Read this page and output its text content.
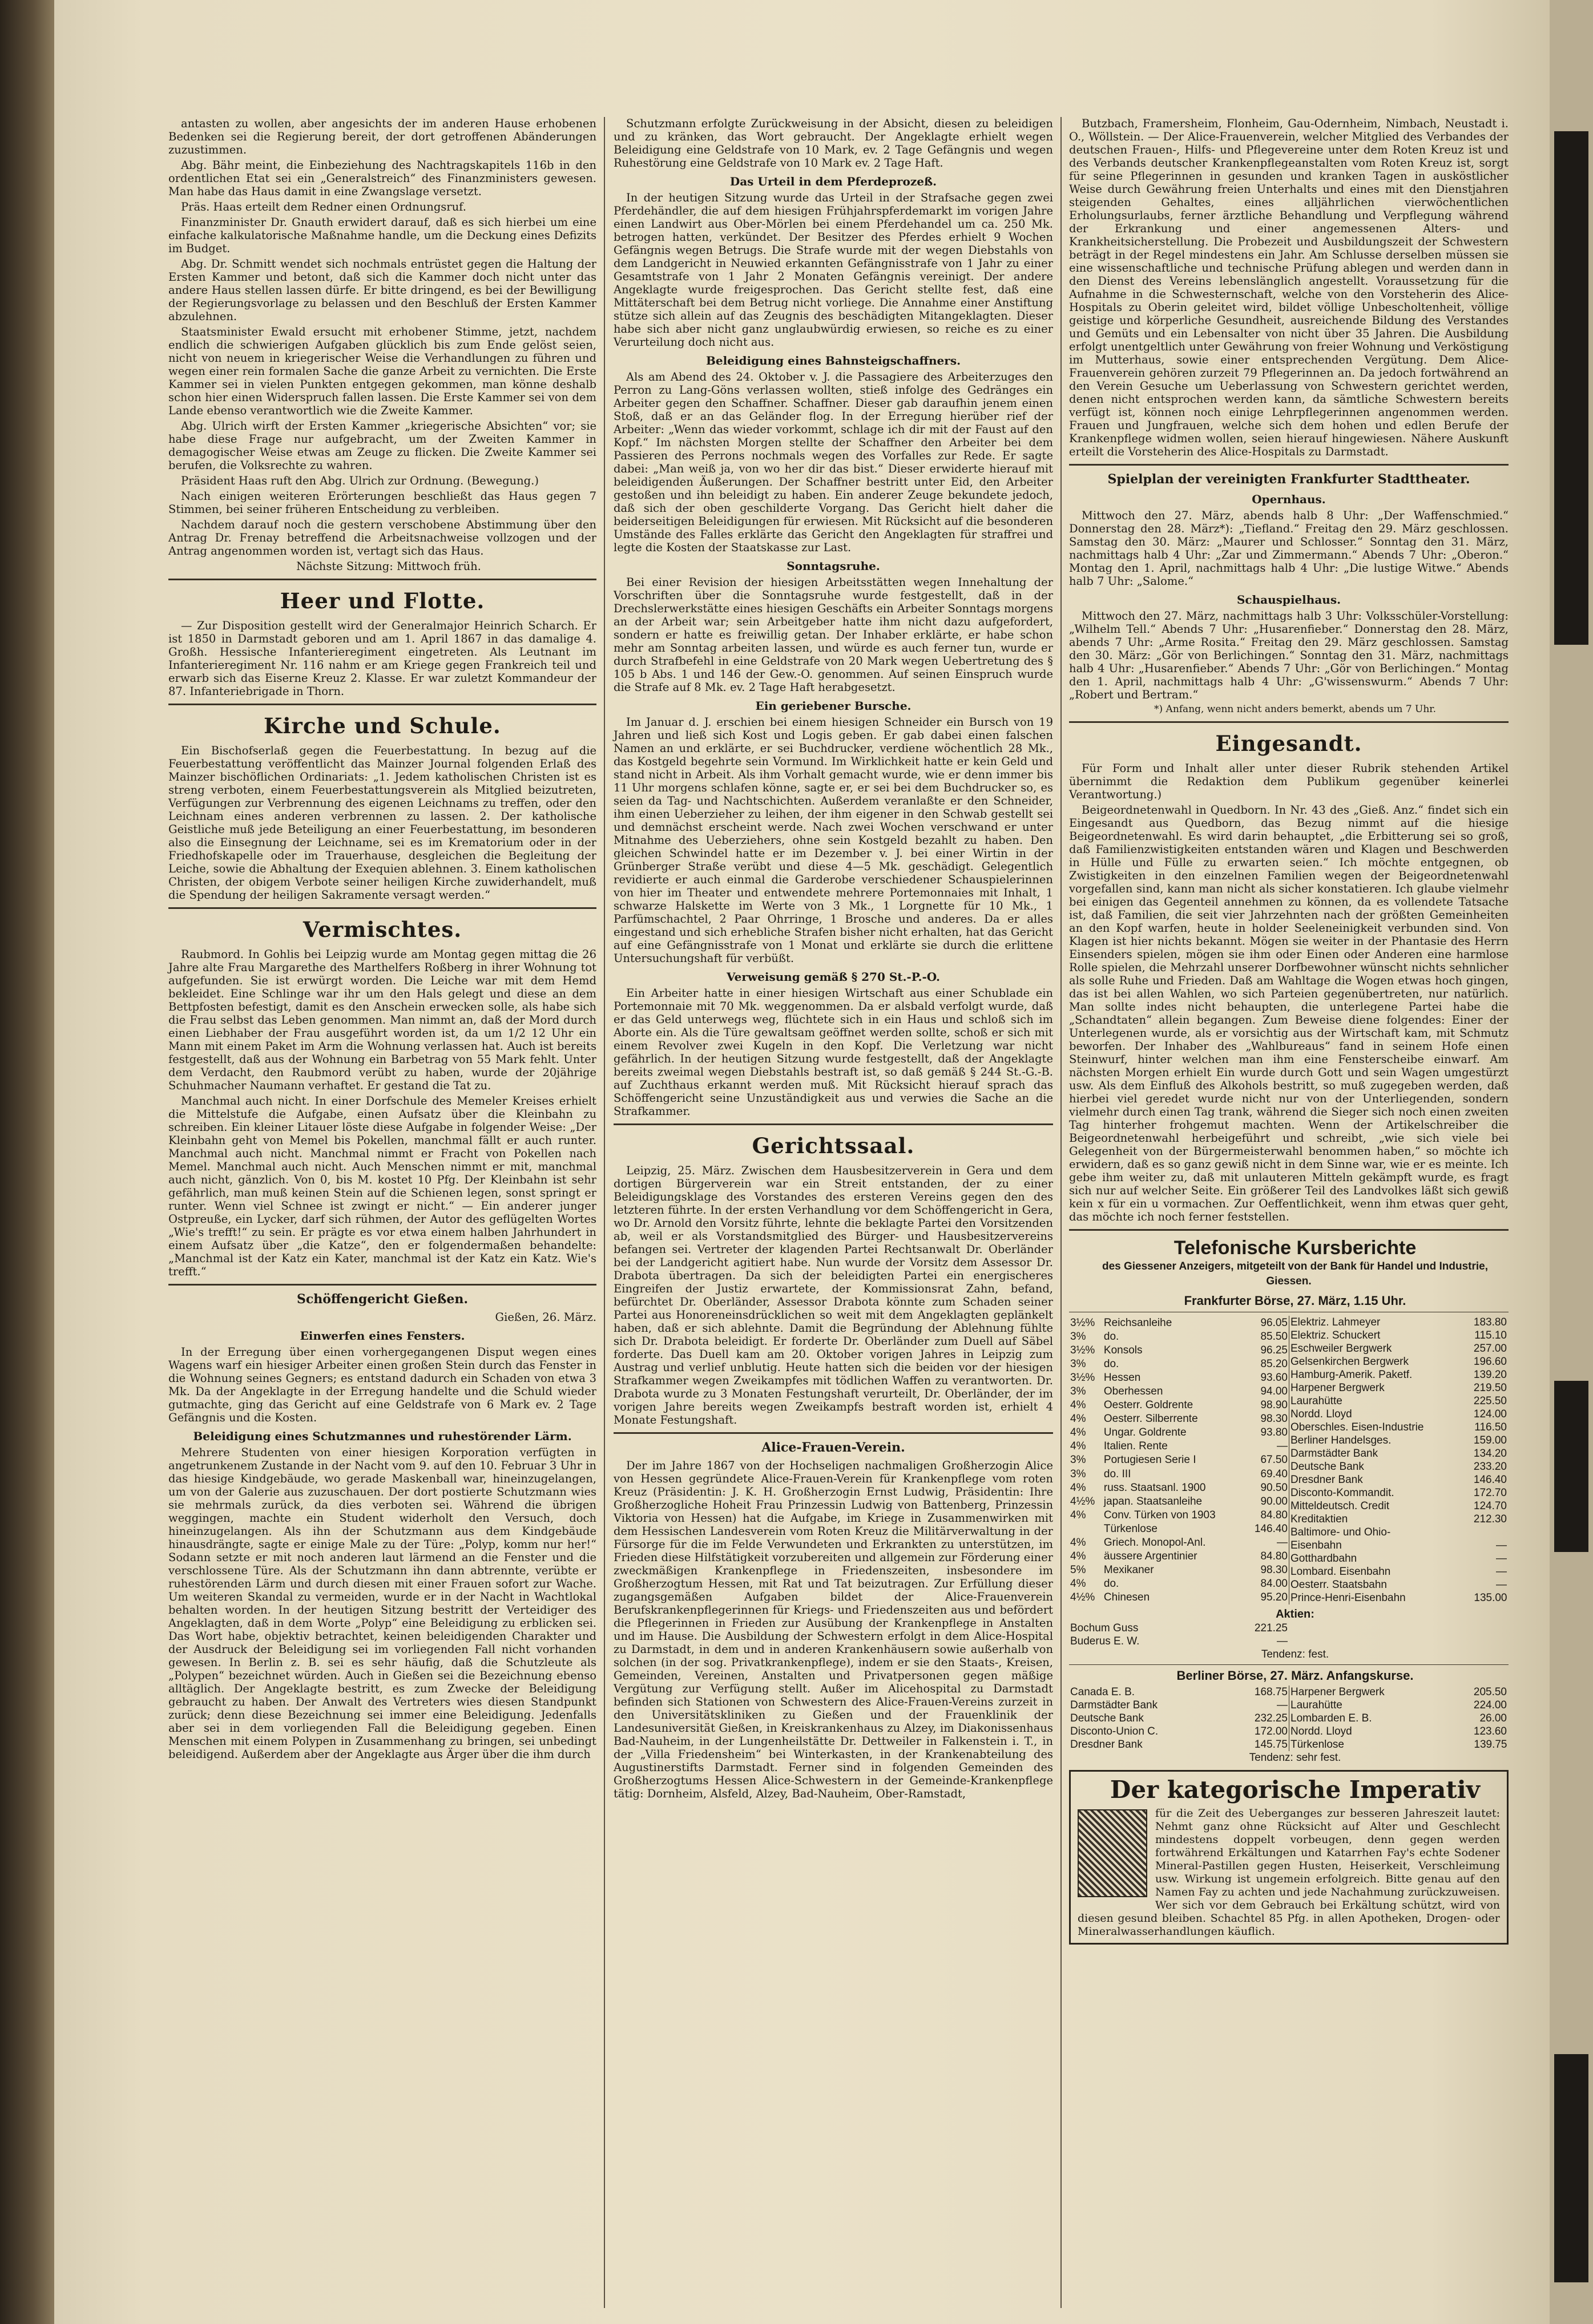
antasten zu wollen, aber angesichts der im anderen Hause erhobenen Bedenken sei die Regierung bereit, der dort getroffenen Abänderungen zuzustimmen.

Abg. Bähr meint, die Einbeziehung des Nachtragskapitels 116b in den ordentlichen Etat sei ein „Generalstreich“ des Finanzministers gewesen. Man habe das Haus damit in eine Zwangslage versetzt.

Präs. Haas erteilt dem Redner einen Ordnungsruf.

Finanzminister Dr. Gnauth erwidert darauf, daß es sich hierbei um eine einfache kalkulatorische Maßnahme handle, um die Deckung eines Defizits im Budget.

Abg. Dr. Schmitt wendet sich nochmals entrüstet gegen die Haltung der Ersten Kammer und betont, daß sich die Kammer doch nicht unter das andere Haus stellen lassen dürfe. Er bitte dringend, es bei der Bewilligung der Regierungsvorlage zu belassen und den Beschluß der Ersten Kammer abzulehnen.

Staatsminister Ewald ersucht mit erhobener Stimme, jetzt, nachdem endlich die schwierigen Aufgaben glücklich bis zum Ende gelöst seien, nicht von neuem in kriegerischer Weise die Verhandlungen zu führen und wegen einer rein formalen Sache die ganze Arbeit zu vernichten. Die Erste Kammer sei in vielen Punkten entgegen gekommen, man könne deshalb schon hier einen Widerspruch fallen lassen. Die Erste Kammer sei von dem Lande ebenso verantwortlich wie die Zweite Kammer.

Abg. Ulrich wirft der Ersten Kammer „kriegerische Absichten“ vor; sie habe diese Frage nur aufgebracht, um der Zweiten Kammer in demagogischer Weise etwas am Zeuge zu flicken. Die Zweite Kammer sei berufen, die Volksrechte zu wahren.

Präsident Haas ruft den Abg. Ulrich zur Ordnung. (Bewegung.)

Nach einigen weiteren Erörterungen beschließt das Haus gegen 7 Stimmen, bei seiner früheren Entscheidung zu verbleiben.

Nachdem darauf noch die gestern verschobene Abstimmung über den Antrag Dr. Frenay betreffend die Arbeitsnachweise vollzogen und der Antrag angenommen worden ist, vertagt sich das Haus.

Nächste Sitzung: Mittwoch früh.

Heer und Flotte.

— Zur Disposition gestellt wird der Generalmajor Heinrich Scharch. Er ist 1850 in Darmstadt geboren und am 1. April 1867 in das damalige 4. Großh. Hessische Infanterieregiment eingetreten. Als Leutnant im Infanterieregiment Nr. 116 nahm er am Kriege gegen Frankreich teil und erwarb sich das Eiserne Kreuz 2. Klasse. Er war zuletzt Kommandeur der 87. Infanteriebrigade in Thorn.

Kirche und Schule.

Ein Bischofserlaß gegen die Feuerbestattung. In bezug auf die Feuerbestattung veröffentlicht das Mainzer Journal folgenden Erlaß des Mainzer bischöflichen Ordinariats: „1. Jedem katholischen Christen ist es streng verboten, einem Feuerbestattungsverein als Mitglied beizutreten, Verfügungen zur Verbrennung des eigenen Leichnams zu treffen, oder den Leichnam eines anderen verbrennen zu lassen. 2. Der katholische Geistliche muß jede Beteiligung an einer Feuerbestattung, im besonderen also die Einsegnung der Leichname, sei es im Krematorium oder in der Friedhofskapelle oder im Trauerhause, desgleichen die Begleitung der Leiche, sowie die Abhaltung der Exequien ablehnen. 3. Einem katholischen Christen, der obigem Verbote seiner heiligen Kirche zuwiderhandelt, muß die Spendung der heiligen Sakramente versagt werden.“

Vermischtes.

Raubmord. In Gohlis bei Leipzig wurde am Montag gegen mittag die 26 Jahre alte Frau Margarethe des Marthelfers Roßberg in ihrer Wohnung tot aufgefunden. Sie ist erwürgt worden. Die Leiche war mit dem Hemd bekleidet. Eine Schlinge war ihr um den Hals gelegt und diese an dem Bettpfosten befestigt, damit es den Anschein erwecken solle, als habe sich die Frau selbst das Leben genommen. Man nimmt an, daß der Mord durch einen Liebhaber der Frau ausgeführt worden ist, da um 1/2 12 Uhr ein Mann mit einem Paket im Arm die Wohnung verlassen hat. Auch ist bereits festgestellt, daß aus der Wohnung ein Barbetrag von 55 Mark fehlt. Unter dem Verdacht, den Raubmord verübt zu haben, wurde der 20jährige Schuhmacher Naumann verhaftet. Er gestand die Tat zu.

Manchmal auch nicht. In einer Dorfschule des Memeler Kreises erhielt die Mittelstufe die Aufgabe, einen Aufsatz über die Kleinbahn zu schreiben. Ein kleiner Litauer löste diese Aufgabe in folgender Weise: „Der Kleinbahn geht von Memel bis Pokellen, manchmal fällt er auch runter. Manchmal auch nicht. Manchmal nimmt er Fracht von Pokellen nach Memel. Manchmal auch nicht. Auch Menschen nimmt er mit, manchmal auch nicht, gänzlich. Von 0, bis M. kostet 10 Pfg. Der Kleinbahn ist sehr gefährlich, man muß keinen Stein auf die Schienen legen, sonst springt er runter. Wenn viel Schnee ist zwingt er nicht.“ — Ein anderer junger Ostpreuße, ein Lycker, darf sich rühmen, der Autor des geflügelten Wortes „Wie's trefft!“ zu sein. Er prägte es vor etwa einem halben Jahrhundert in einem Aufsatz über „die Katze“, den er folgendermaßen behandelte: „Manchmal ist der Katz ein Kater, manchmal ist der Katz ein Katz. Wie's trefft.“

Schöffengericht Gießen.

Gießen, 26. März.

Einwerfen eines Fensters.

In der Erregung über einen vorhergegangenen Disput wegen eines Wagens warf ein hiesiger Arbeiter einen großen Stein durch das Fenster in die Wohnung seines Gegners; es entstand dadurch ein Schaden von etwa 3 Mk. Da der Angeklagte in der Erregung handelte und die Schuld wieder gutmachte, ging das Gericht auf eine Geldstrafe von 6 Mark ev. 2 Tage Gefängnis und die Kosten.

Beleidigung eines Schutzmannes und ruhestörender Lärm.

Mehrere Studenten von einer hiesigen Korporation verfügten in angetrunkenem Zustande in der Nacht vom 9. auf den 10. Februar 3 Uhr in das hiesige Kindgebäude, wo gerade Maskenball war, hineinzugelangen, um von der Galerie aus zuzuschauen. Der dort postierte Schutzmann wies sie mehrmals zurück, da dies verboten sei. Während die übrigen weggingen, machte ein Student widerholt den Versuch, doch hineinzugelangen. Als ihn der Schutzmann aus dem Kindgebäude hinausdrängte, sagte er einige Male zu der Türe: „Polyp, komm nur her!“ Sodann setzte er mit noch anderen laut lärmend an die Fenster und die verschlossene Türe. Als der Schutzmann ihn dann abtrennte, verübte er ruhestörenden Lärm und durch diesen mit einer Frauen sofort zur Wache. Um weiteren Skandal zu vermeiden, wurde er in der Nacht in Wachtlokal behalten worden. In der heutigen Sitzung bestritt der Verteidiger des Angeklagten, daß in dem Worte „Polyp“ eine Beleidigung zu erblicken sei. Das Wort habe, objektiv betrachtet, keinen beleidigenden Charakter und der Ausdruck der Beleidigung sei im vorliegenden Fall nicht vorhanden gewesen. In Berlin z. B. sei es sehr häufig, daß die Schutzleute als „Polypen“ bezeichnet würden. Auch in Gießen sei die Bezeichnung ebenso alltäglich. Der Angeklagte bestritt, es zum Zwecke der Beleidigung gebraucht zu haben. Der Anwalt des Vertreters wies diesen Standpunkt zurück; denn diese Bezeichnung sei immer eine Beleidigung. Jedenfalls aber sei in dem vorliegenden Fall die Beleidigung gegeben. Einen Menschen mit einem Polypen in Zusammenhang zu bringen, sei unbedingt beleidigend. Außerdem aber der Angeklagte aus Ärger über die ihm durch

Schutzmann erfolgte Zurückweisung in der Absicht, diesen zu beleidigen und zu kränken, das Wort gebraucht. Der Angeklagte erhielt wegen Beleidigung eine Geldstrafe von 10 Mark, ev. 2 Tage Gefängnis und wegen Ruhestörung eine Geldstrafe von 10 Mark ev. 2 Tage Haft.

Das Urteil in dem Pferdeprozeß.

In der heutigen Sitzung wurde das Urteil in der Strafsache gegen zwei Pferdehändler, die auf dem hiesigen Frühjahrspferdemarkt im vorigen Jahre einen Landwirt aus Ober-Mörlen bei einem Pferdehandel um ca. 250 Mk. betrogen hatten, verkündet. Der Besitzer des Pferdes erhielt 9 Wochen Gefängnis wegen Betrugs. Die Strafe wurde mit der wegen Diebstahls von dem Landgericht in Neuwied erkannten Gefängnisstrafe von 1 Jahr zu einer Gesamtstrafe von 1 Jahr 2 Monaten Gefängnis vereinigt. Der andere Angeklagte wurde freigesprochen. Das Gericht stellte fest, daß eine Mittäterschaft bei dem Betrug nicht vorliege. Die Annahme einer Anstiftung stütze sich allein auf das Zeugnis des beschädigten Mitangeklagten. Dieser habe sich aber nicht ganz unglaubwürdig erwiesen, so reiche es zu einer Verurteilung doch nicht aus.

Beleidigung eines Bahnsteigschaffners.

Als am Abend des 24. Oktober v. J. die Passagiere des Arbeiterzuges den Perron zu Lang-Göns verlassen wollten, stieß infolge des Gedränges ein Arbeiter gegen den Schaffner. Schaffner. Dieser gab daraufhin jenem einen Stoß, daß er an das Geländer flog. In der Erregung hierüber rief der Arbeiter: „Wenn das wieder vorkommt, schlage ich dir mit der Faust auf den Kopf.“ Im nächsten Morgen stellte der Schaffner den Arbeiter bei dem Passieren des Perrons nochmals wegen des Vorfalles zur Rede. Er sagte dabei: „Man weiß ja, von wo her dir das bist.“ Dieser erwiderte hierauf mit beleidigenden Äußerungen. Der Schaffner bestritt unter Eid, den Arbeiter gestoßen und ihn beleidigt zu haben. Ein anderer Zeuge bekundete jedoch, daß sich der oben geschilderte Vorgang. Das Gericht hielt daher die beiderseitigen Beleidigungen für erwiesen. Mit Rücksicht auf die besonderen Umstände des Falles erklärte das Gericht den Angeklagten für straffrei und legte die Kosten der Staatskasse zur Last.

Sonntagsruhe.

Bei einer Revision der hiesigen Arbeitsstätten wegen Innehaltung der Vorschriften über die Sonntagsruhe wurde festgestellt, daß in der Drechslerwerkstätte eines hiesigen Geschäfts ein Arbeiter Sonntags morgens an der Arbeit war; sein Arbeitgeber hatte ihm nicht dazu aufgefordert, sondern er hatte es freiwillig getan. Der Inhaber erklärte, er habe schon mehr am Sonntag arbeiten lassen, und würde es auch ferner tun, wurde er durch Strafbefehl in eine Geldstrafe von 20 Mark wegen Uebertretung des § 105 b Abs. 1 und 146 der Gew.-O. genommen. Auf seinen Einspruch wurde die Strafe auf 8 Mk. ev. 2 Tage Haft herabgesetzt.

Ein geriebener Bursche.

Im Januar d. J. erschien bei einem hiesigen Schneider ein Bursch von 19 Jahren und ließ sich Kost und Logis geben. Er gab dabei einen falschen Namen an und erklärte, er sei Buchdrucker, verdiene wöchentlich 28 Mk., das Kostgeld begehrte sein Vormund. Im Wirklichkeit hatte er kein Geld und stand nicht in Arbeit. Als ihm Vorhalt gemacht wurde, wie er denn immer bis 11 Uhr morgens schlafen könne, sagte er, er sei bei dem Buchdrucker so, es seien da Tag- und Nachtschichten. Außerdem veranlaßte er den Schneider, ihm einen Ueberzieher zu leihen, der ihm eigener in den Schwab gestellt sei und demnächst erscheint werde. Nach zwei Wochen verschwand er unter Mitnahme des Ueberziehers, ohne sein Kostgeld bezahlt zu haben. Den gleichen Schwindel hatte er im Dezember v. J. bei einer Wirtin in der Grünberger Straße verübt und diese 4—5 Mk. geschädigt. Gelegentlich revidierte er auch einmal die Garderobe verschiedener Schauspielerinnen von hier im Theater und entwendete mehrere Portemonnaies mit Inhalt, 1 schwarze Halskette im Werte von 3 Mk., 1 Lorgnette für 10 Mk., 1 Parfümschachtel, 2 Paar Ohrringe, 1 Brosche und anderes. Da er alles eingestand und sich erhebliche Strafen bisher nicht erhalten, hat das Gericht auf eine Gefängnisstrafe von 1 Monat und erklärte sie durch die erlittene Untersuchungshaft für verbüßt.

Verweisung gemäß § 270 St.-P.-O.

Ein Arbeiter hatte in einer hiesigen Wirtschaft aus einer Schublade ein Portemonnaie mit 70 Mk. weggenommen. Da er alsbald verfolgt wurde, daß er das Geld unterwegs weg, flüchtete sich in ein Haus und schloß sich im Aborte ein. Als die Türe gewaltsam geöffnet werden sollte, schoß er sich mit einem Revolver zwei Kugeln in den Kopf. Die Verletzung war nicht gefährlich. In der heutigen Sitzung wurde festgestellt, daß der Angeklagte bereits zweimal wegen Diebstahls bestraft ist, so daß gemäß § 244 St.-G.-B. auf Zuchthaus erkannt werden muß. Mit Rücksicht hierauf sprach das Schöffengericht seine Unzuständigkeit aus und verwies die Sache an die Strafkammer.

Gerichtssaal.

Leipzig, 25. März. Zwischen dem Hausbesitzerverein in Gera und dem dortigen Bürgerverein war ein Streit entstanden, der zu einer Beleidigungsklage des Vorstandes des ersteren Vereins gegen den des letzteren führte. In der ersten Verhandlung vor dem Schöffengericht in Gera, wo Dr. Arnold den Vorsitz führte, lehnte die beklagte Partei den Vorsitzenden ab, weil er als Vorstandsmitglied des Bürger- und Hausbesitzervereins befangen sei. Vertreter der klagenden Partei Rechtsanwalt Dr. Oberländer bei der Landgericht agitiert habe. Nun wurde der Vorsitz dem Assessor Dr. Drabota übertragen. Da sich der beleidigten Partei ein energischeres Eingreifen der Justiz erwartete, der Kommissionsrat Zahn, befand, befürchtet Dr. Oberländer, Assessor Drabota könnte zum Schaden seiner Partei aus Honoreneinsdrücklichen so weit mit dem Angeklagten geplänkelt haben, daß er sich ablehnte. Damit die Begründung der Ablehnung fühlte sich Dr. Drabota beleidigt. Er forderte Dr. Oberländer zum Duell auf Säbel forderte. Das Duell kam am 20. Oktober vorigen Jahres in Leipzig zum Austrag und verlief unblutig. Heute hatten sich die beiden vor der hiesigen Strafkammer wegen Zweikampfes mit tödlichen Waffen zu verantworten. Dr. Drabota wurde zu 3 Monaten Festungshaft verurteilt, Dr. Oberländer, der im vorigen Jahre bereits wegen Zweikampfs bestraft worden ist, erhielt 4 Monate Festungshaft.

Alice-Frauen-Verein.

Der im Jahre 1867 von der Hochseligen nachmaligen Großherzogin Alice von Hessen gegründete Alice-Frauen-Verein für Krankenpflege vom roten Kreuz (Präsidentin: J. K. H. Großherzogin Ernst Ludwig, Präsidentin: Ihre Großherzogliche Hoheit Frau Prinzessin Ludwig von Battenberg, Prinzessin Viktoria von Hessen) hat die Aufgabe, im Kriege in Zusammenwirken mit dem Hessischen Landesverein vom Roten Kreuz die Militärverwaltung in der Fürsorge für die im Felde Verwundeten und Erkrankten zu unterstützen, im Frieden diese Hilfstätigkeit vorzubereiten und allgemein zur Förderung einer zweckmäßigen Krankenpflege in Friedenszeiten, insbesondere im Großherzogtum Hessen, mit Rat und Tat beizutragen. Zur Erfüllung dieser zugangsgemäßen Aufgaben bildet der Alice-Frauenverein Berufskrankenpflegerinnen für Kriegs- und Friedenszeiten aus und befördert die Pflegerinnen in Frieden zur Ausübung der Krankenpflege in Anstalten und im Hause. Die Ausbildung der Schwestern erfolgt in dem Alice-Hospital zu Darmstadt, in dem und in anderen Krankenhäusern sowie außerhalb von solchen (in der sog. Privatkrankenpflege), indem er sie den Staats-, Kreisen, Gemeinden, Vereinen, Anstalten und Privatpersonen gegen mäßige Vergütung zur Verfügung stellt. Außer im Alicehospital zu Darmstadt befinden sich Stationen von Schwestern des Alice-Frauen-Vereins zurzeit in den Universitätskliniken zu Gießen und der Frauenklinik der Landesuniversität Gießen, in Kreiskrankenhaus zu Alzey, im Diakonissenhaus Bad-Nauheim, in der Lungenheilstätte Dr. Dettweiler in Falkenstein i. T., in der „Villa Friedensheim“ bei Winterkasten, in der Krankenabteilung des Augustinerstifts Darmstadt. Ferner sind in folgenden Gemeinden des Großherzogtums Hessen Alice-Schwestern in der Gemeinde-Krankenpflege tätig: Dornheim, Alsfeld, Alzey, Bad-Nauheim, Ober-Ramstadt,

Butzbach, Framersheim, Flonheim, Gau-Odernheim, Nimbach, Neustadt i. O., Wöllstein. — Der Alice-Frauenverein, welcher Mitglied des Verbandes der deutschen Frauen-, Hilfs- und Pflegevereine unter dem Roten Kreuz ist und des Verbands deutscher Krankenpflegeanstalten vom Roten Kreuz ist, sorgt für seine Pflegerinnen in gesunden und kranken Tagen in ausköstlicher Weise durch Gewährung freien Unterhalts und eines mit den Dienstjahren steigenden Gehaltes, eines alljährlichen vierwöchentlichen Erholungsurlaubs, ferner ärztliche Behandlung und Verpflegung während der Erkrankung und einer angemessenen Alters- und Krankheitsicherstellung. Die Probezeit und Ausbildungszeit der Schwestern beträgt in der Regel mindestens ein Jahr. Am Schlusse derselben müssen sie eine wissenschaftliche und technische Prüfung ablegen und werden dann in den Dienst des Vereins lebenslänglich angestellt. Voraussetzung für die Aufnahme in die Schwesternschaft, welche von den Vorsteherin des Alice-Hospitals zu Oberin geleitet wird, bildet völlige Unbescholtenheit, völlige geistige und körperliche Gesundheit, ausreichende Bildung des Verstandes und Gemüts und ein Lebensalter von nicht über 35 Jahren. Die Ausbildung erfolgt unentgeltlich unter Gewährung von freier Wohnung und Verköstigung im Mutterhaus, sowie einer entsprechenden Vergütung. Dem Alice-Frauenverein gehören zurzeit 79 Pflegerinnen an. Da jedoch fortwährend an den Verein Gesuche um Ueberlassung von Schwestern gerichtet werden, denen nicht entsprochen werden kann, da sämtliche Schwestern bereits verfügt ist, können noch einige Lehrpflegerinnen angenommen werden. Frauen und Jungfrauen, welche sich dem hohen und edlen Berufe der Krankenpflege widmen wollen, seien hierauf hingewiesen. Nähere Auskunft erteilt die Vorsteherin des Alice-Hospitals zu Darmstadt.

Spielplan der vereinigten Frankfurter Stadttheater.
Opernhaus.

Mittwoch den 27. März, abends halb 8 Uhr: „Der Waffenschmied.“ Donnerstag den 28. März*): „Tiefland.“ Freitag den 29. März geschlossen. Samstag den 30. März: „Maurer und Schlosser.“ Sonntag den 31. März, nachmittags halb 4 Uhr: „Zar und Zimmermann.“ Abends 7 Uhr: „Oberon.“ Montag den 1. April, nachmittags halb 4 Uhr: „Die lustige Witwe.“ Abends halb 7 Uhr: „Salome.“

Schauspielhaus.

Mittwoch den 27. März, nachmittags halb 3 Uhr: Volksschüler-Vorstellung: „Wilhelm Tell.“ Abends 7 Uhr: „Husarenfieber.“ Donnerstag den 28. März, abends 7 Uhr: „Arme Rosita.“ Freitag den 29. März geschlossen. Samstag den 30. März: „Gör von Berlichingen.“ Sonntag den 31. März, nachmittags halb 4 Uhr: „Husarenfieber.“ Abends 7 Uhr: „Gör von Berlichingen.“ Montag den 1. April, nachmittags halb 4 Uhr: „G'wissenswurm.“ Abends 7 Uhr: „Robert und Bertram.“

*) Anfang, wenn nicht anders bemerkt, abends um 7 Uhr.

Eingesandt.

Für Form und Inhalt aller unter dieser Rubrik stehenden Artikel übernimmt die Redaktion dem Publikum gegenüber keinerlei Verantwortung.)

Beigeordnetenwahl in Quedborn. In Nr. 43 des „Gieß. Anz.“ findet sich ein Eingesandt aus Quedborn, das Bezug nimmt auf die hiesige Beigeordnetenwahl. Es wird darin behauptet, „die Erbitterung sei so groß, daß Familienzwistigkeiten entstanden wären und Klagen und Beschwerden in Hülle und Fülle zu erwarten seien.“ Ich möchte entgegnen, ob Zwistigkeiten in den einzelnen Familien wegen der Beigeordnetenwahl vorgefallen sind, kann man nicht als sicher konstatieren. Ich glaube vielmehr bei einigen das Gegenteil annehmen zu können, da es vollendete Tatsache ist, daß Familien, die seit vier Jahrzehnten nach der größten Gemeinheiten an den Kopf warfen, heute in holder Seeleneinigkeit verbunden sind. Von Klagen ist hier nichts bekannt. Mögen sie weiter in der Phantasie des Herrn Einsenders spielen, mögen sie ihm oder Einen oder Anderen eine harmlose Rolle spielen, die Mehrzahl unserer Dorfbewohner wünscht nichts sehnlicher als solle Ruhe und Frieden. Daß am Wahltage die Wogen etwas hoch gingen, das ist bei allen Wahlen, wo sich Parteien gegenübertreten, nur natürlich. Man sollte indes nicht behaupten, die unterlegene Partei habe die „Schandtaten“ allein begangen. Zum Beweise diene folgendes: Einer der Unterlegenen wurde, als er vorsichtig aus der Wirtschaft kam, mit Schmutz beworfen. Der Inhaber des „Wahlbureaus“ fand in seinem Hofe einen Steinwurf, hinter welchen man ihm eine Fensterscheibe einwarf. Am nächsten Morgen erhielt Ein wurde durch Gott und sein Wagen umgestürzt usw. Als dem Einfluß des Alkohols bestritt, so muß zugegeben werden, daß hierbei viel geredet wurde nicht nur von der Unterliegenden, sondern vielmehr durch einen Tag trank, während die Sieger sich noch einen zweiten Tag hinterher frohgemut machten. Wenn der Artikelschreiber die Beigeordnetenwahl herbeigeführt und schreibt, „wie sich viele bei Gelegenheit von der Bürgermeisterwahl benommen haben,“ so möchte ich erwidern, daß es so ganz gewiß nicht in dem Sinne war, wie er es meinte. Ich gebe ihm weiter zu, daß mit unlauteren Mitteln gekämpft wurde, es fragt sich nur auf welcher Seite. Ein größerer Teil des Landvolkes läßt sich gewiß kein x für ein u vormachen. Zur Oeffentlichkeit, wenn ihm etwas quer geht, das möchte ich noch ferner feststellen.

Telefonische Kursberichte

des Giessener Anzeigers, mitgeteilt von der Bank für Handel und Industrie, Giessen.

Frankfurter Börse, 27. März, 1.15 Uhr.

3½%	Reichsanleihe	96.05
3%	do.	85.50
3½%	Konsols	96.25
3%	do.	85.20
3½%	Hessen	93.60
3%	Oberhessen	94.00
4%	Oesterr. Goldrente	98.90
4%	Oesterr. Silberrente	98.30
4%	Ungar. Goldrente	93.80
4%	Italien. Rente	—
3%	Portugiesen Serie I	67.50
3%	do. III	69.40
4%	russ. Staatsanl. 1900	90.50
4½%	japan. Staatsanleihe	90.00
4%	Conv. Türken von 1903	84.80
	Türkenlose	146.40
4%	Griech. Monopol-Anl.	—
4%	äussere Argentinier	84.80
5%	Mexikaner	98.30
4%	do.	84.00
4½%	Chinesen	95.20
Elektriz. Lahmeyer	183.80
Elektriz. Schuckert	115.10
Eschweiler Bergwerk	257.00
Gelsenkirchen Bergwerk	196.60
Hamburg-Amerik. Paketf.	139.20
Harpener Bergwerk	219.50
Laurahütte	225.50
Nordd. Lloyd	124.00
Oberschles. Eisen-Industrie	116.50
Berliner Handelsges.	159.00
Darmstädter Bank	134.20
Deutsche Bank	233.20
Dresdner Bank	146.40
Disconto-Kommandit.	172.70
Mitteldeutsch. Credit	124.70
Kreditaktien	212.30
Baltimore- und Ohio-	
Eisenbahn	—
Gotthardbahn	—
Lombard. Eisenbahn	—
Oesterr. Staatsbahn	—
Prince-Henri-Eisenbahn	135.00

Aktien:

Bochum Guss	221.25
Buderus E. W.	—

Tendenz: fest.

Berliner Börse, 27. März. Anfangskurse.

Canada E. B.	168.75
Darmstädter Bank	—
Deutsche Bank	232.25
Disconto-Union C.	172.00
Dresdner Bank	145.75
Harpener Bergwerk	205.50
Laurahütte	224.00
Lombarden E. B.	26.00
Nordd. Lloyd	123.60
Türkenlose	139.75

Tendenz: sehr fest.

Der kategorische Imperativ

für die Zeit des Ueberganges zur besseren Jahreszeit lautet: Nehmt ganz ohne Rücksicht auf Alter und Geschlecht mindestens doppelt vorbeugen, denn gegen werden fortwährend Erkältungen und Katarrhen Fay's echte Sodener Mineral-Pastillen gegen Husten, Heiserkeit, Verschleimung usw. Wirkung ist ungemein erfolgreich. Bitte genau auf den Namen Fay zu achten und jede Nachahmung zurückzuweisen. Wer sich vor dem Gebrauch bei Erkältung schützt, wird von diesen gesund bleiben. Schachtel 85 Pfg. in allen Apotheken, Drogen- oder Mineralwasserhandlungen käuflich.
